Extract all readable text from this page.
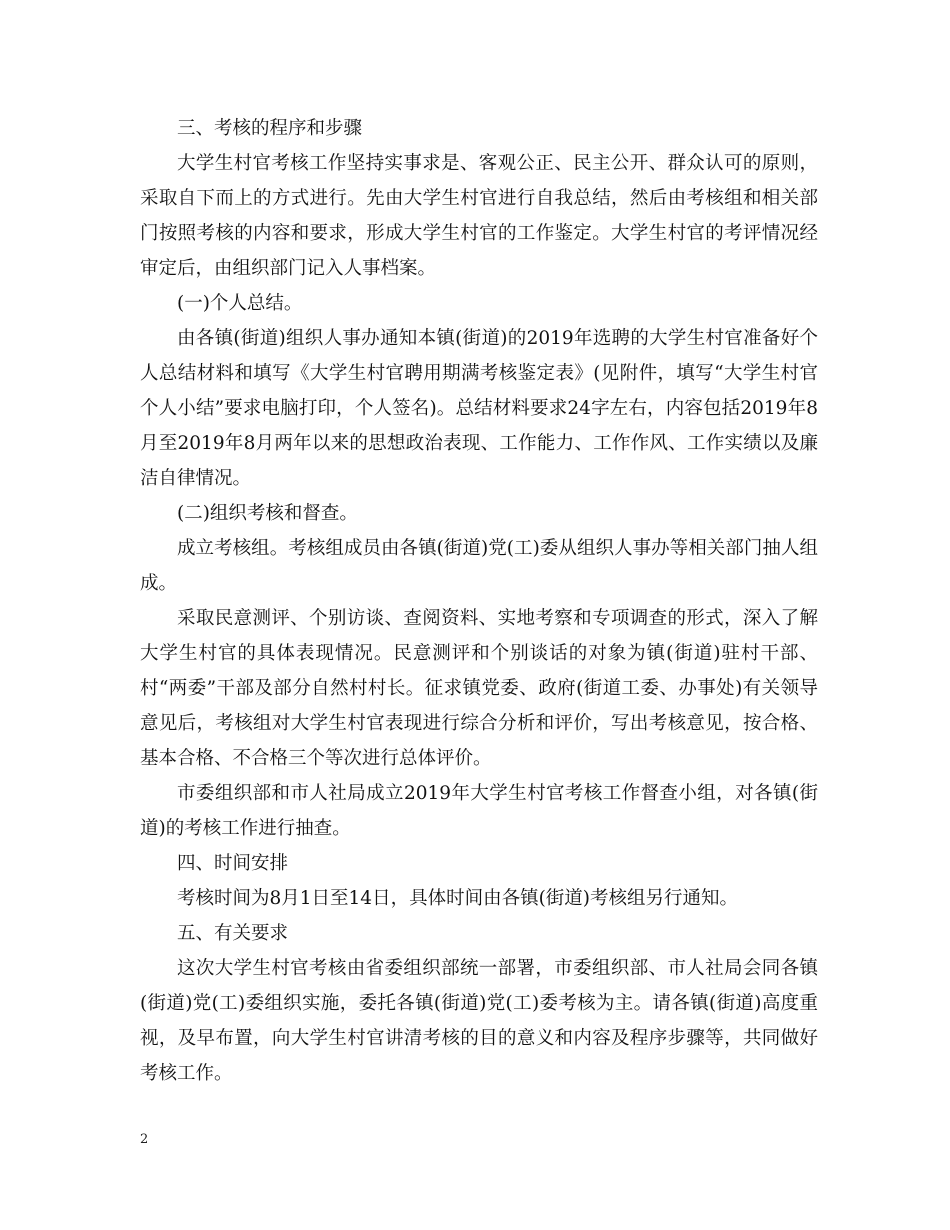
三、考核的程序和步骤

大学生村官考核工作坚持实事求是、客观公正、民主公开、群众认可的原则，采取自下而上的方式进行。先由大学生村官进行自我总结，然后由考核组和相关部门按照考核的内容和要求，形成大学生村官的工作鉴定。大学生村官的考评情况经审定后，由组织部门记入人事档案。

(一)个人总结。

由各镇(街道)组织人事办通知本镇(街道)的2019年选聘的大学生村官准备好个人总结材料和填写《大学生村官聘用期满考核鉴定表》(见附件，填写“大学生村官个人小结”要求电脑打印，个人签名)。总结材料要求24字左右，内容包括2019年8月至2019年8月两年以来的思想政治表现、工作能力、工作作风、工作实绩以及廉洁自律情况。

(二)组织考核和督查。

成立考核组。考核组成员由各镇(街道)党(工)委从组织人事办等相关部门抽人组成。

采取民意测评、个别访谈、查阅资料、实地考察和专项调查的形式，深入了解大学生村官的具体表现情况。民意测评和个别谈话的对象为镇(街道)驻村干部、村“两委”干部及部分自然村村长。征求镇党委、政府(街道工委、办事处)有关领导意见后，考核组对大学生村官表现进行综合分析和评价，写出考核意见，按合格、基本合格、不合格三个等次进行总体评价。

市委组织部和市人社局成立2019年大学生村官考核工作督查小组，对各镇(街道)的考核工作进行抽查。

四、时间安排

考核时间为8月1日至14日，具体时间由各镇(街道)考核组另行通知。

五、有关要求

这次大学生村官考核由省委组织部统一部署，市委组织部、市人社局会同各镇(街道)党(工)委组织实施，委托各镇(街道)党(工)委考核为主。请各镇(街道)高度重视，及早布置，向大学生村官讲清考核的目的意义和内容及程序步骤等，共同做好考核工作。

2
